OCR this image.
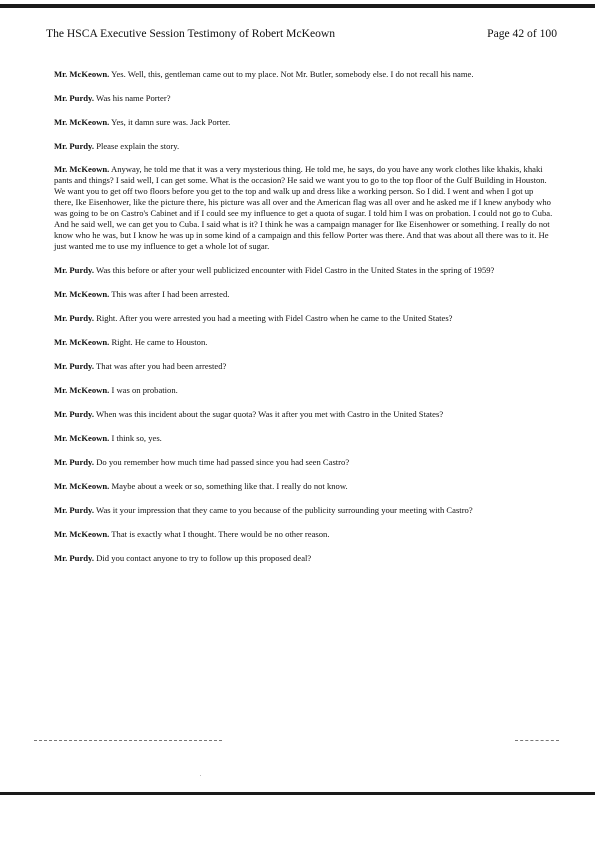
The HSCA Executive Session Testimony of Robert McKeown	Page 42 of 100

Mr. McKeown. Yes. Well, this, gentleman came out to my place. Not Mr. Butler, somebody else. I do not recall his name.

Mr. Purdy. Was his name Porter?

Mr. McKeown. Yes, it damn sure was. Jack Porter.

Mr. Purdy. Please explain the story.

Mr. McKeown. Anyway, he told me that it was a very mysterious thing. He told me, he says, do you have any work clothes like khakis, khaki pants and things? I said well, I can get some. What is the occasion? He said we want you to go to the top floor of the Gulf Building in Houston. We want you to get off two floors before you get to the top and walk up and dress like a working person. So I did. I went and when I got up there, Ike Eisenhower, like the picture there, his picture was all over and the American flag was all over and he asked me if I knew anybody who was going to be on Castro's Cabinet and if I could see my influence to get a quota of sugar. I told him I was on probation. I could not go to Cuba. And he said well, we can get you to Cuba. I said what is it? I think he was a campaign manager for Ike Eisenhower or something. I really do not know who he was, but I know he was up in some kind of a campaign and this fellow Porter was there. And that was about all there was to it. He just wanted me to use my influence to get a whole lot of sugar.

Mr. Purdy. Was this before or after your well publicized encounter with Fidel Castro in the United States in the spring of 1959?

Mr. McKeown. This was after I had been arrested.

Mr. Purdy. Right. After you were arrested you had a meeting with Fidel Castro when he came to the United States?

Mr. McKeown. Right. He came to Houston.

Mr. Purdy. That was after you had been arrested?

Mr. McKeown. I was on probation.

Mr. Purdy. When was this incident about the sugar quota? Was it after you met with Castro in the United States?

Mr. McKeown. I think so, yes.

Mr. Purdy. Do you remember how much time had passed since you had seen Castro?

Mr. McKeown. Maybe about a week or so, something like that. I really do not know.

Mr. Purdy. Was it your impression that they came to you because of the publicity surrounding your meeting with Castro?

Mr. McKeown. That is exactly what I thought. There would be no other reason.

Mr. Purdy. Did you contact anyone to try to follow up this proposed deal?
